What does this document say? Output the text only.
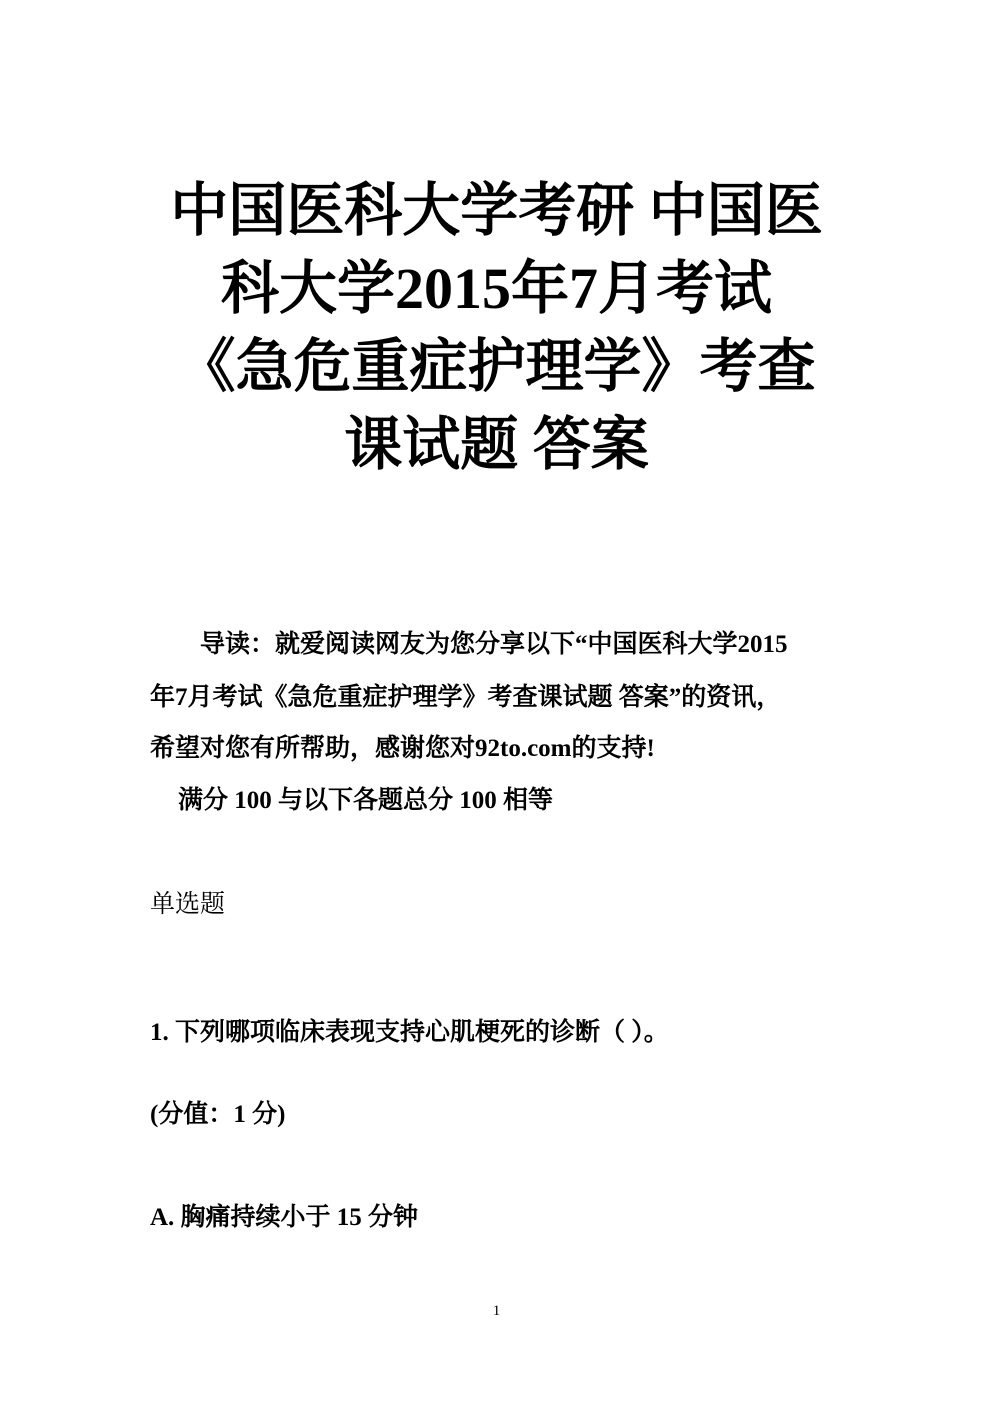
中国医科大学考研 中国医
科大学2015年7月考试
《急危重症护理学》考查
课试题 答案
导读：就爱阅读网友为您分享以下“中国医科大学2015
年7月考试《急危重症护理学》考查课试题 答案”的资讯，
希望对您有所帮助，感谢您对92to.com的支持!
满分 100 与以下各题总分 100 相等
单选题
1. 下列哪项临床表现支持心肌梗死的诊断（ ）。
(分值：1 分)
A. 胸痛持续小于 15 分钟
1
